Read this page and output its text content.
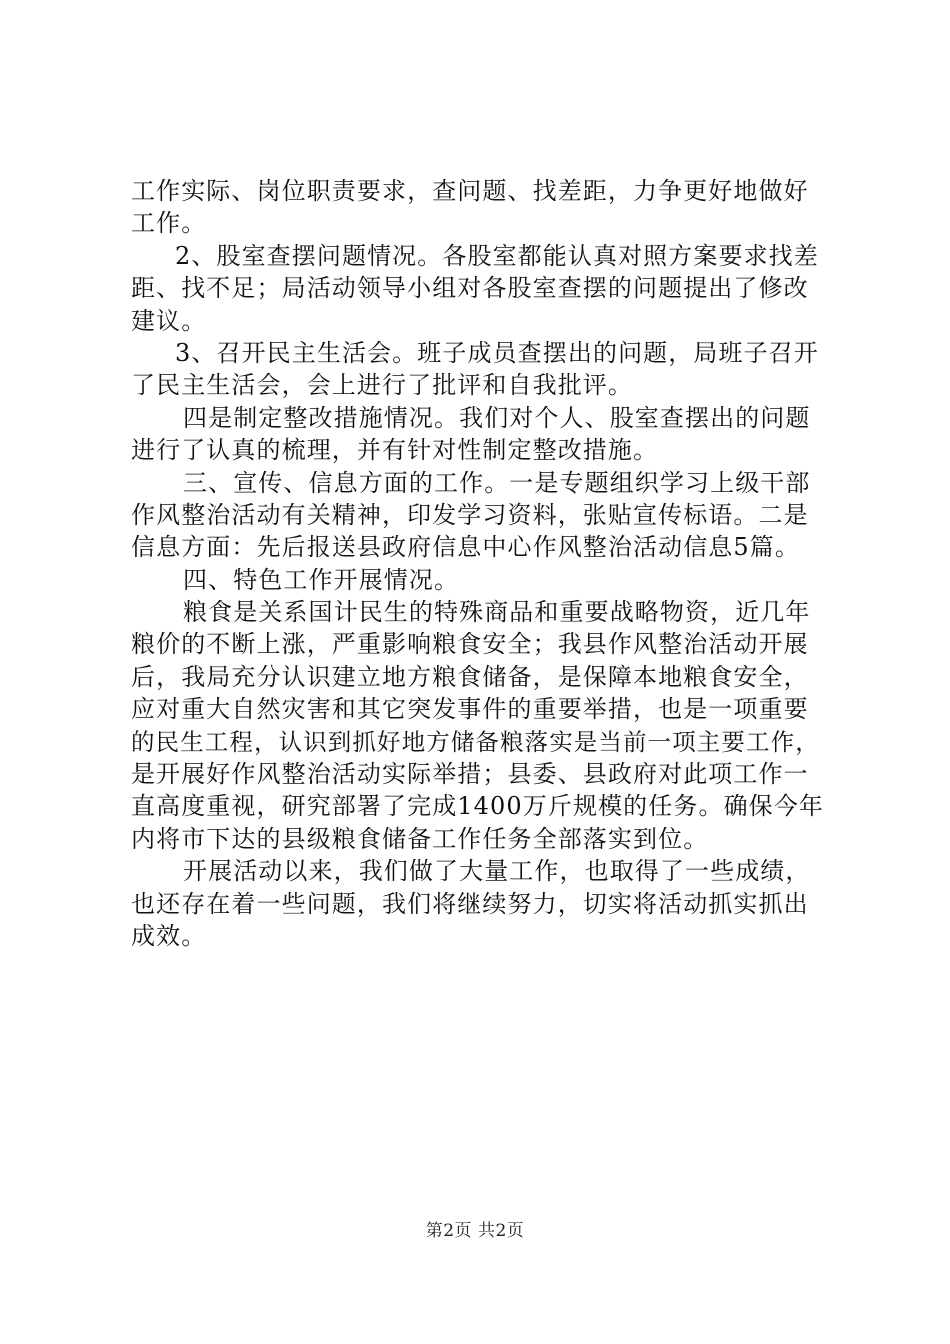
工作实际、岗位职责要求，查问题、找差距，力争更好地做好
工作。
2、股室查摆问题情况。各股室都能认真对照方案要求找差
距、找不足；局活动领导小组对各股室查摆的问题提出了修改
建议。
3、召开民主生活会。班子成员查摆出的问题，局班子召开
了民主生活会，会上进行了批评和自我批评。
四是制定整改措施情况。我们对个人、股室查摆出的问题
进行了认真的梳理，并有针对性制定整改措施。
三、宣传、信息方面的工作。一是专题组织学习上级干部
作风整治活动有关精神，印发学习资料，张贴宣传标语。二是
信息方面：先后报送县政府信息中心作风整治活动信息5篇。
四、特色工作开展情况。
粮食是关系国计民生的特殊商品和重要战略物资，近几年
粮价的不断上涨，严重影响粮食安全；我县作风整治活动开展
后，我局充分认识建立地方粮食储备，是保障本地粮食安全，
应对重大自然灾害和其它突发事件的重要举措，也是一项重要
的民生工程，认识到抓好地方储备粮落实是当前一项主要工作，
是开展好作风整治活动实际举措；县委、县政府对此项工作一
直高度重视，研究部署了完成1400万斤规模的任务。确保今年
内将市下达的县级粮食储备工作任务全部落实到位。
开展活动以来，我们做了大量工作，也取得了一些成绩，
也还存在着一些问题，我们将继续努力，切实将活动抓实抓出
成效。
第2页 共2页
